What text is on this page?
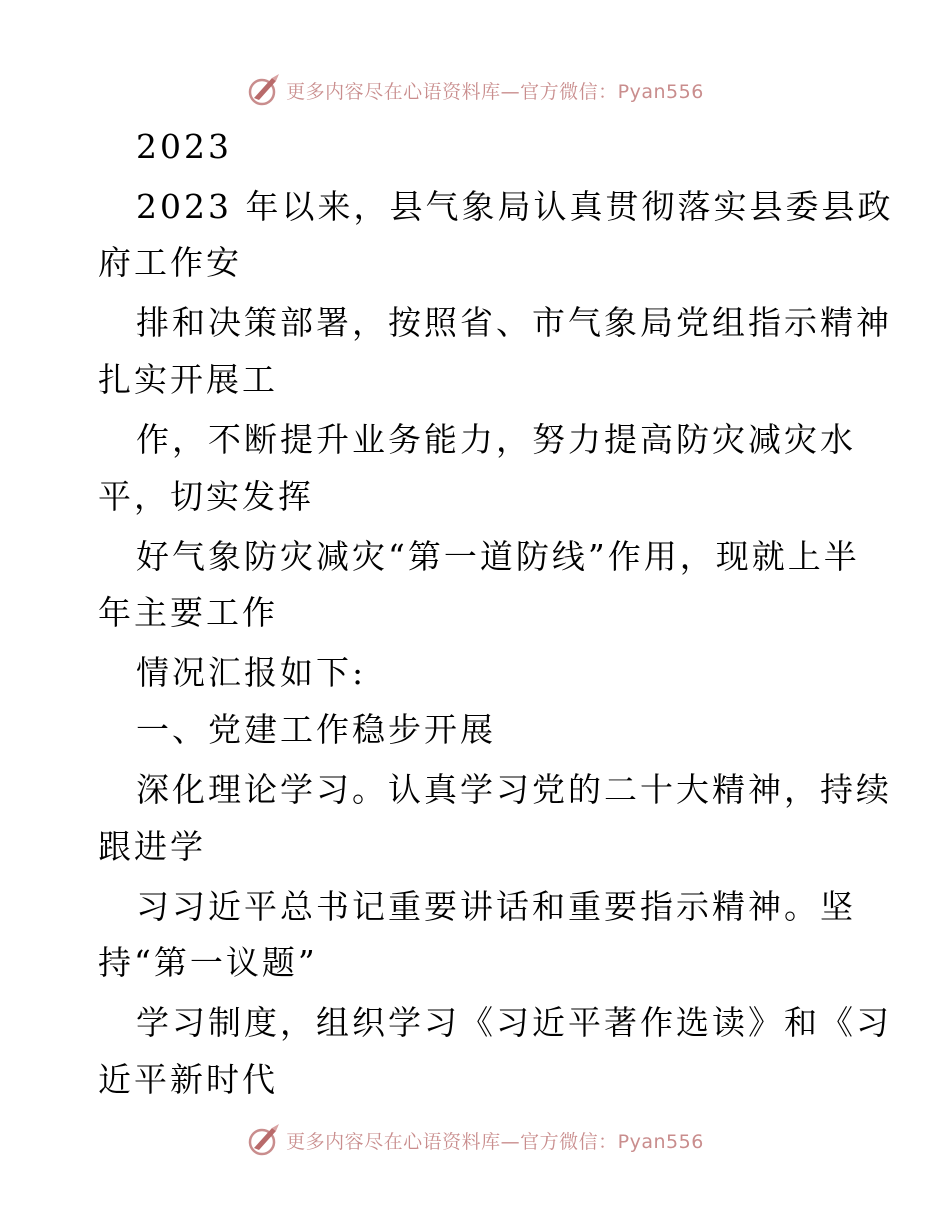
更多内容尽在心语资料库—官方微信：Pyan556
2023
2023 年以来，县气象局认真贯彻落实县委县政
府工作安
排和决策部署，按照省、市气象局党组指示精神
扎实开展工
作，不断提升业务能力，努力提高防灾减灾水
平，切实发挥
好气象防灾减灾“第一道防线”作用，现就上半
年主要工作
情况汇报如下:
一、党建工作稳步开展
深化理论学习。认真学习党的二十大精神，持续
跟进学
习习近平总书记重要讲话和重要指示精神。坚
持“第一议题”
学习制度，组织学习《习近平著作选读》和《习
近平新时代
更多内容尽在心语资料库—官方微信：Pyan556
